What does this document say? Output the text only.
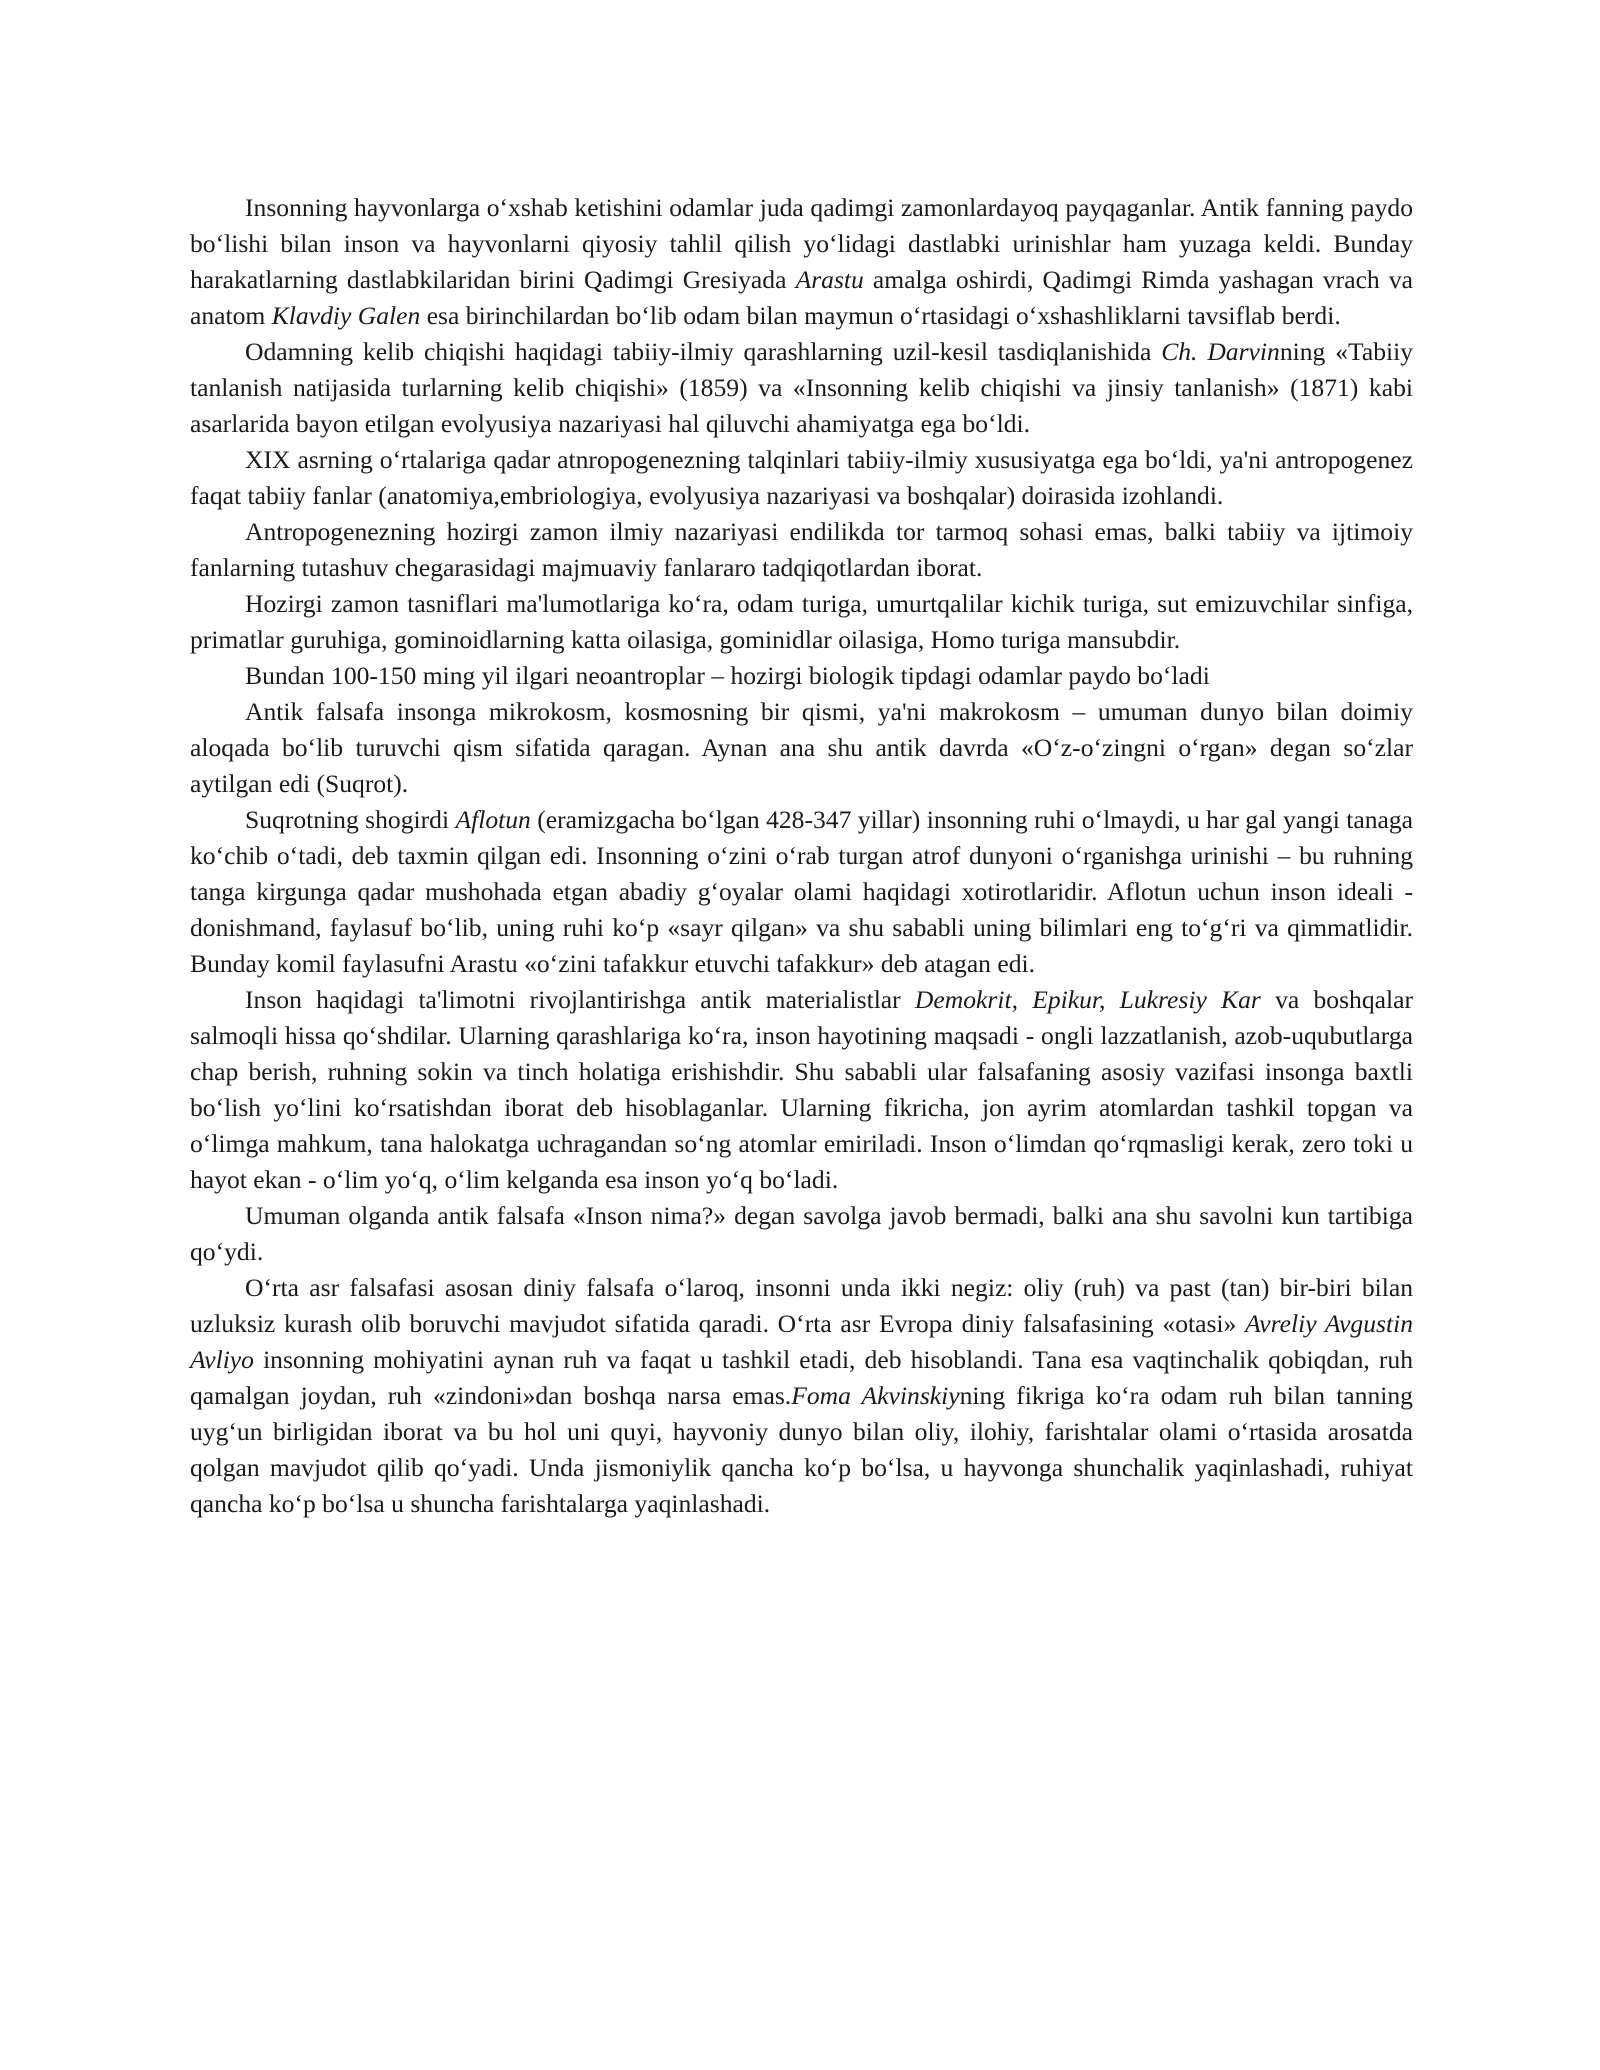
Insonning hayvonlarga oʻxshab ketishini odamlar juda qadimgi zamonlardayoq payqaganlar. Antik fanning paydo boʻlishi bilan inson va hayvonlarni qiyosiy tahlil qilish yoʻlidagi dastlabki urinishlar ham yuzaga keldi. Bunday harakatlarning dastlabkilaridan birini Qadimgi Gresiyada Arastu amalga oshirdi, Qadimgi Rimda yashagan vrach va anatom Klavdiy Galen esa birinchilardan boʻlib odam bilan maymun oʻrtasidagi oʻxshashliklarni tavsiflab berdi.

Odamning kelib chiqishi haqidagi tabiiy-ilmiy qarashlarning uzil-kesil tasdiqlanishida Ch. Darvinning «Tabiiy tanlanish natijasida turlarning kelib chiqishi» (1859) va «Insonning kelib chiqishi va jinsiy tanlanish» (1871) kabi asarlarida bayon etilgan evolyusiya nazariyasi hal qiluvchi ahamiyatga ega boʻldi.

XIX asrning oʻrtalariga qadar atnropogenezning talqinlari tabiiy-ilmiy xususiyatga ega boʻldi, ya'ni antropogenez faqat tabiiy fanlar (anatomiya,embriologiya, evolyusiya nazariyasi va boshqalar) doirasida izohlandi.

Antropogenezning hozirgi zamon ilmiy nazariyasi endilikda tor tarmoq sohasi emas, balki tabiiy va ijtimoiy fanlarning tutashuv chegarasidagi majmuaviy fanlararo tadqiqotlardan iborat.

Hozirgi zamon tasniflari ma'lumotlariga koʻra, odam turiga, umurtqalilar kichik turiga, sut emizuvchilar sinfiga, primatlar guruhiga, gominoidlarning katta oilasiga, gominidlar oilasiga, Homo turiga mansubdir.

Bundan 100-150 ming yil ilgari neoantroplar – hozirgi biologik tipdagi odamlar paydo boʻladi

Antik falsafa insonga mikrokosm, kosmosning bir qismi, ya'ni makrokosm – umuman dunyo bilan doimiy aloqada boʻlib turuvchi qism sifatida qaragan. Aynan ana shu antik davrda «Oʻz-oʻzingni oʻrgan» degan soʻzlar aytilgan edi (Suqrot).

Suqrotning shogirdi Aflotun (eramizgacha boʻlgan 428-347 yillar) insonning ruhi oʻlmaydi, u har gal yangi tanaga koʻchib oʻtadi, deb taxmin qilgan edi. Insonning oʻzini oʻrab turgan atrof dunyoni oʻrganishga urinishi – bu ruhning tanga kirgunga qadar mushohada etgan abadiy gʻoyalar olami haqidagi xotirotlaridir. Aflotun uchun inson ideali - donishmand, faylasuf boʻlib, uning ruhi koʻp «sayr qilgan» va shu sababli uning bilimlari eng toʻgʻri va qimmatlidir. Bunday komil faylasufni Arastu «oʻzini tafakkur etuvchi tafakkur» deb atagan edi.

Inson haqidagi ta'limotni rivojlantirishga antik materialistlar Demokrit, Epikur, Lukresiy Kar va boshqalar salmoqli hissa qoʻshdilar. Ularning qarashlariga koʻra, inson hayotining maqsadi - ongli lazzatlanish, azob-uqubutlarga chap berish, ruhning sokin va tinch holatiga erishishdir. Shu sababli ular falsafaning asosiy vazifasi insonga baxtli boʻlish yoʻlini koʻrsatishdan iborat deb hisoblaganlar. Ularning fikricha, jon ayrim atomlardan tashkil topgan va oʻlimga mahkum, tana halokatga uchragandan soʻng atomlar emiriladi. Inson oʻlimdan qoʻrqmasligi kerak, zero toki u hayot ekan - oʻlim yoʻq, oʻlim kelganda esa inson yoʻq boʻladi.

Umuman olganda antik falsafa «Inson nima?» degan savolga javob bermadi, balki ana shu savolni kun tartibiga qoʻydi.

Oʻrta asr falsafasi asosan diniy falsafa oʻlaroq, insonni unda ikki negiz: oliy (ruh) va past (tan) bir-biri bilan uzluksiz kurash olib boruvchi mavjudot sifatida qaradi. Oʻrta asr Evropa diniy falsafasining «otasi» Avreliy Avgustin Avliyo insonning mohiyatini aynan ruh va faqat u tashkil etadi, deb hisoblandi. Tana esa vaqtinchalik qobiqdan, ruh qamalgan joydan, ruh «zindoni»dan boshqa narsa emas.Foma Akvinskiyning fikriga koʻra odam ruh bilan tanning uygʻun birligidan iborat va bu hol uni quyi, hayvoniy dunyo bilan oliy, ilohiy, farishtalar olami oʻrtasida arosatda qolgan mavjudot qilib qoʻyadi. Unda jismoniylik qancha koʻp boʻlsa, u hayvonga shunchalik yaqinlashadi, ruhiyat qancha koʻp boʻlsa u shuncha farishtalarga yaqinlashadi.
